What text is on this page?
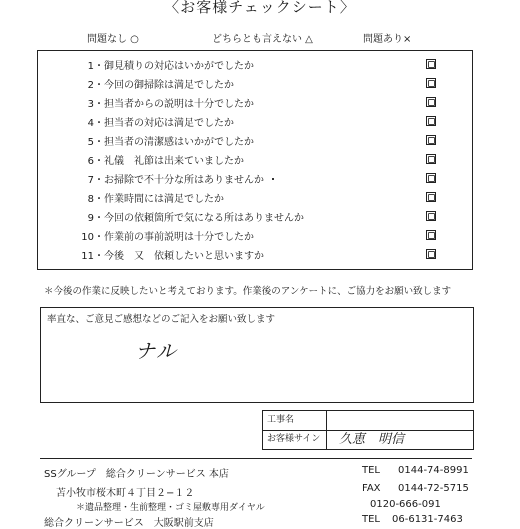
〈お客様チェックシート〉
問題なし ○	どちらとも言えない △	問題あり×
1・御見積りの対応はいかがでしたか
2・今回の御掃除は満足でしたか
3・担当者からの説明は十分でしたか
4・担当者の対応は満足でしたか
5・担当者の清潔感はいかがでしたか
6・礼儀　礼節は出来ていましたか
7・お掃除で不十分な所はありませんか
8・作業時間には満足でしたか
9・今回の依頼箇所で気になる所はありませんか
10・作業前の事前説明は十分でしたか
11・今後　又　依頼したいと思いますか
＊今後の作業に反映したいと考えております。作業後のアンケートに、ご協力をお願い致します
率直な、ご意見ご感想などのご記入をお願い致します
ナル
工事名
お客様サイン	久恵　明信
SSグループ　総合クリーンサービス 本店	TEL 0144-74-8991
苫小牧市桜木町４丁目２−１２	FAX 0144-72-5715
＊遺品整理・生前整理・ゴミ屋敷専用ダイヤル	0120-666-091
総合クリーンサービス　大阪駅前支店	TEL 06-6131-7463
